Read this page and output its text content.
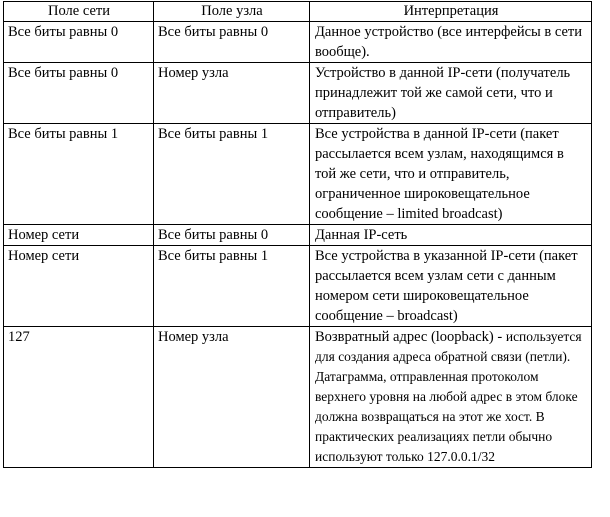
Поле сети	Поле узла	Интерпретация
Все биты равны 0	Все биты равны 0	Данное устройство (все интерфейсы в сети вообще).
Все биты равны 0	Номер узла	Устройство в данной IP-сети (получатель принадлежит той же самой сети, что и отправитель)
Все биты равны 1	Все биты равны 1	Все устройства в данной IP-сети (пакет рассылается всем узлам, находящимся в той же сети, что и отправитель, ограниченное широковещательное сообщение – limited broadcast)
Номер сети	Все биты равны 0	Данная IP-сеть
Номер сети	Все биты равны 1	Все устройства в указанной IP-сети (пакет рассылается всем узлам сети с данным номером сети широковещательное сообщение – broadcast)
127	Номер узла	Возвратный адрес (loopback) - используется для создания адреса обратной связи (петли). Датаграмма, отправленная протоколом верхнего уровня на любой адрес в этом блоке должна возвращаться на этот же хост. В практических реализациях петли обычно используют только 127.0.0.1/32
